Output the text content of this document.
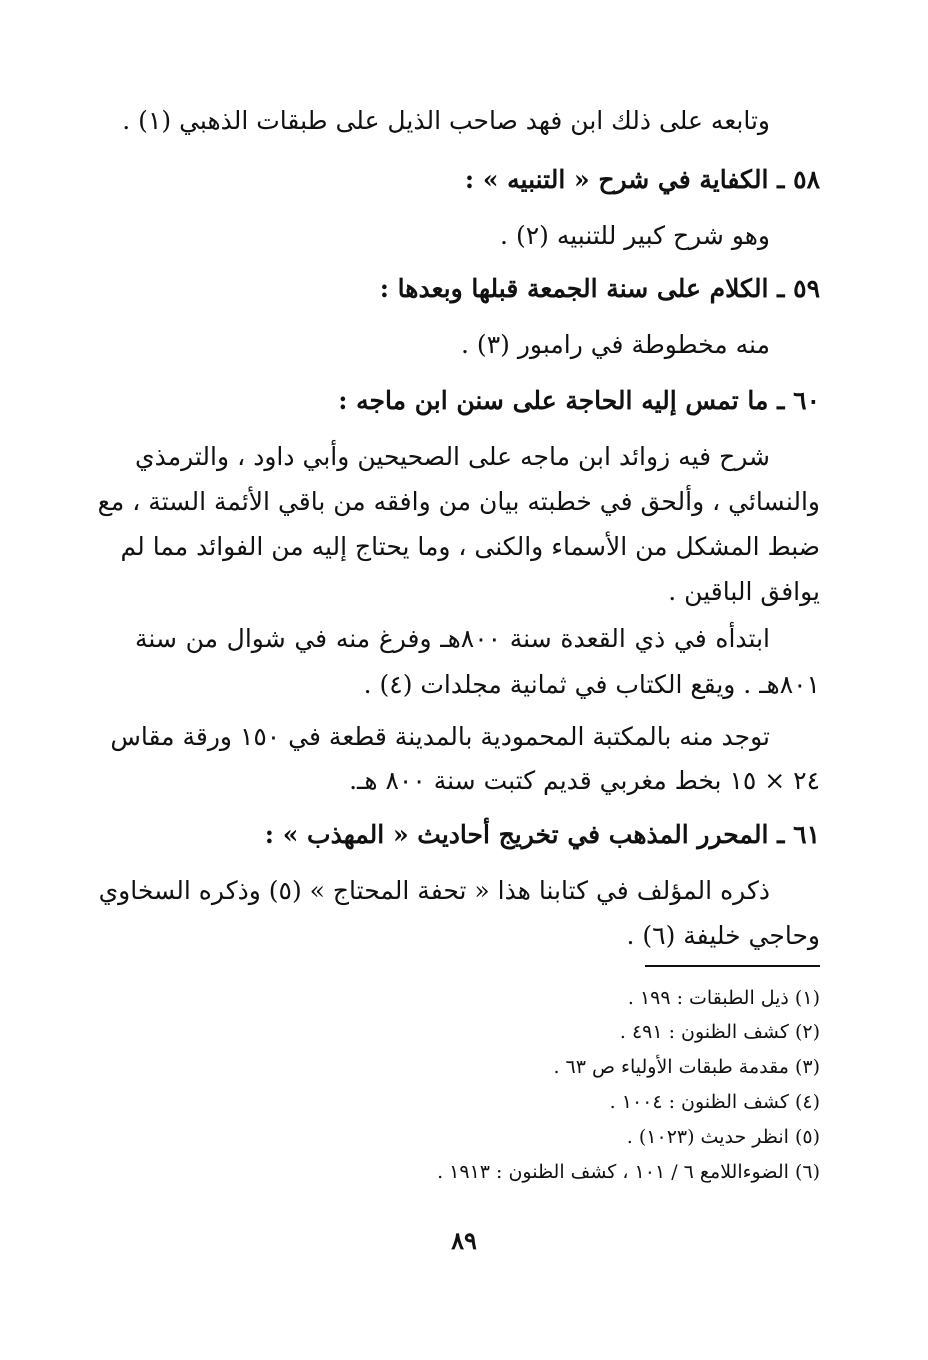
وتابعه على ذلك ابن فهد صاحب الذيل على طبقات الذهبي (١) .
٥٨ ـ الكفاية في شرح « التنبيه » :
وهو شرح كبير للتنبيه (٢) .
٥٩ ـ الكلام على سنة الجمعة قبلها وبعدها :
منه مخطوطة في رامبور (٣) .
٦٠ ـ ما تمس إليه الحاجة على سنن ابن ماجه :
شرح فيه زوائد ابن ماجه على الصحيحين وأبي داود ، والترمذي
والنسائي ، وألحق في خطبته بيان من وافقه من باقي الأئمة الستة ، مع
ضبط المشكل من الأسماء والكنى ، وما يحتاج إليه من الفوائد مما لم
يوافق الباقين .
ابتدأه في ذي القعدة سنة ٨٠٠هـ وفرغ منه في شوال من سنة
٨٠١هـ . ويقع الكتاب في ثمانية مجلدات (٤) .
توجد منه بالمكتبة المحمودية بالمدينة قطعة في ١٥٠ ورقة مقاس
٢٤ × ١٥ بخط مغربي قديم كتبت سنة ٨٠٠ هـ.
٦١ ـ المحرر المذهب في تخريج أحاديث « المهذب » :
ذكره المؤلف في كتابنا هذا « تحفة المحتاج » (٥) وذكره السخاوي
وحاجي خليفة (٦) .
(١) ذيل الطبقات : ١٩٩ .
(٢) كشف الظنون : ٤٩١ .
(٣) مقدمة طبقات الأولياء ص ٦٣ .
(٤) كشف الظنون : ١٠٠٤ .
(٥) انظر حديث (١٠٢٣) .
(٦) الضوءاللامع ٦ / ١٠١ ، كشف الظنون : ١٩١٣ .
٨٩
